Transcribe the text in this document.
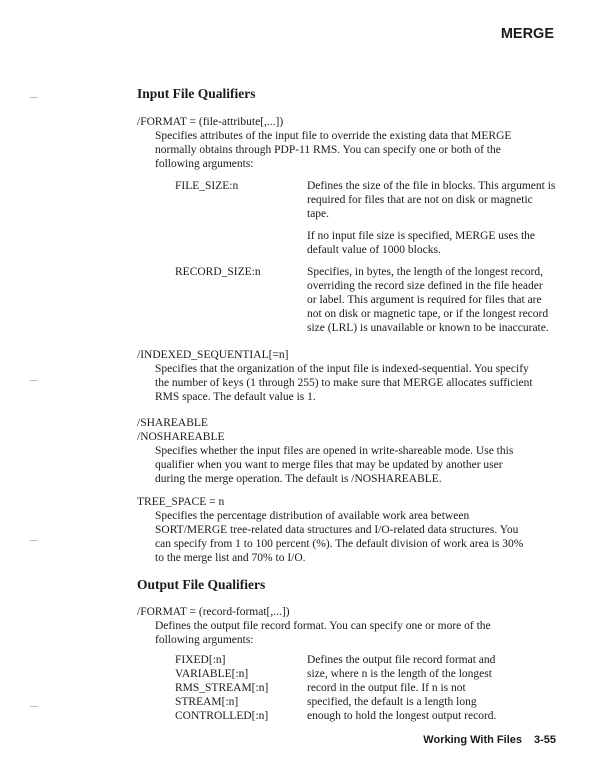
MERGE
Input File Qualifiers
/FORMAT = (file-attribute[,...])
Specifies attributes of the input file to override the existing data that MERGE
normally obtains through PDP-11 RMS. You can specify one or both of the
following arguments:
FILE_SIZE:n	Defines the size of the file in blocks. This argument is
required for files that are not on disk or magnetic
tape.
If no input file size is specified, MERGE uses the
default value of 1000 blocks.
RECORD_SIZE:n	Specifies, in bytes, the length of the longest record,
overriding the record size defined in the file header
or label. This argument is required for files that are
not on disk or magnetic tape, or if the longest record
size (LRL) is unavailable or known to be inaccurate.
/INDEXED_SEQUENTIAL[=n]
Specifies that the organization of the input file is indexed-sequential. You specify
the number of keys (1 through 255) to make sure that MERGE allocates sufficient
RMS space. The default value is 1.
/SHAREABLE
/NOSHAREABLE
Specifies whether the input files are opened in write-shareable mode. Use this
qualifier when you want to merge files that may be updated by another user
during the merge operation. The default is /NOSHAREABLE.
TREE_SPACE = n
Specifies the percentage distribution of available work area between
SORT/MERGE tree-related data structures and I/O-related data structures. You
can specify from 1 to 100 percent (%). The default division of work area is 30%
to the merge list and 70% to I/O.
Output File Qualifiers
/FORMAT = (record-format[,...])
Defines the output file record format. You can specify one or more of the
following arguments:
FIXED[:n]
VARIABLE[:n]
RMS_STREAM[:n]
STREAM[:n]
CONTROLLED[:n]
Defines the output file record format and
size, where n is the length of the longest
record in the output file. If n is not
specified, the default is a length long
enough to hold the longest output record.
Working With Files 3-55
